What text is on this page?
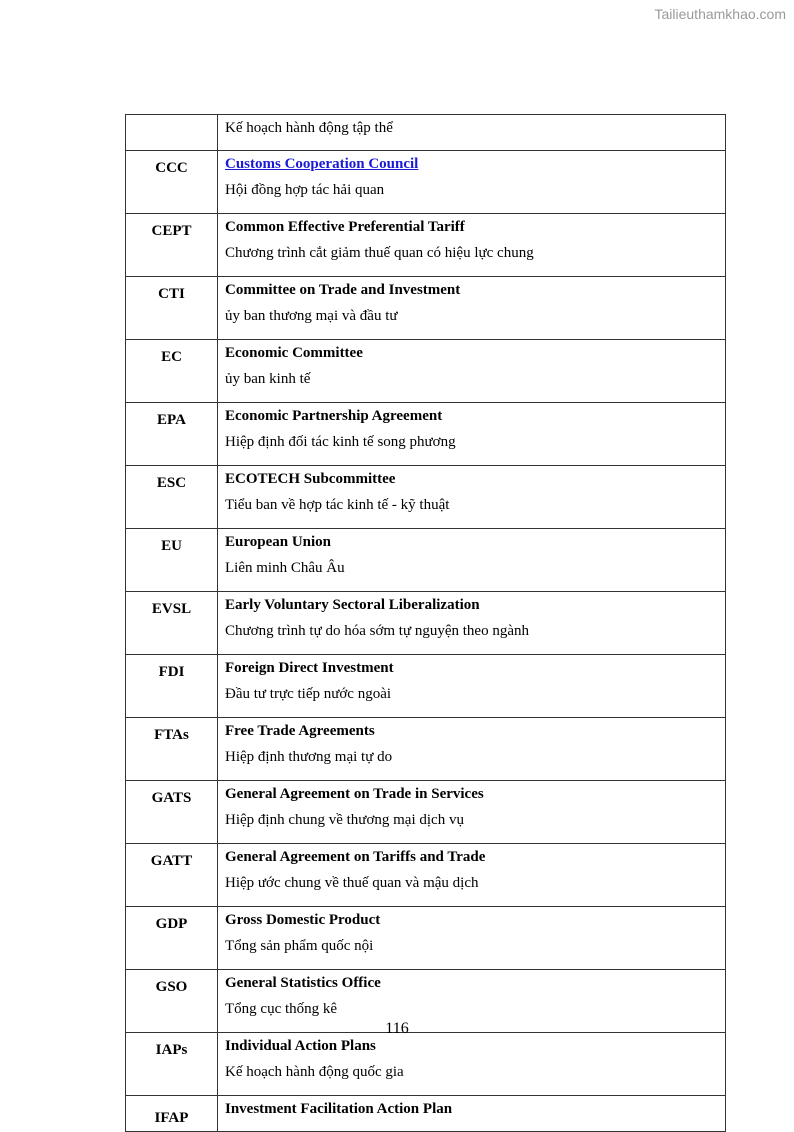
Tailieuthamkhao.com

	Kế hoạch hành động tập thể

CCC	Customs Cooperation Council
Hội đồng hợp tác hải quan

CEPT	Common Effective Preferential Tariff
Chương trình cắt giảm thuế quan có hiệu lực chung

CTI	Committee on Trade and Investment
ủy ban thương mại và đầu tư

EC	Economic Committee
ủy ban kinh tế

EPA	Economic Partnership Agreement
Hiệp định đối tác kinh tế song phương

ESC	ECOTECH Subcommittee
Tiểu ban về hợp tác kinh tế - kỹ thuật

EU	European Union
Liên minh Châu Âu

EVSL	Early Voluntary Sectoral Liberalization
Chương trình tự do hóa sớm tự nguyện theo ngành

FDI	Foreign Direct Investment
Đầu tư trực tiếp nước ngoài

FTAs	Free Trade Agreements
Hiệp định thương mại tự do

GATS	General Agreement on Trade in Services
Hiệp định chung về thương mại dịch vụ

GATT	General Agreement on Tariffs and Trade
Hiệp ước chung về thuế quan và mậu dịch

GDP	Gross Domestic Product
Tổng sản phẩm quốc nội

GSO	General Statistics Office
Tổng cục thống kê

IAPs	Individual Action Plans
Kế hoạch hành động quốc gia

IFAP	Investment Facilitation Action Plan
116
